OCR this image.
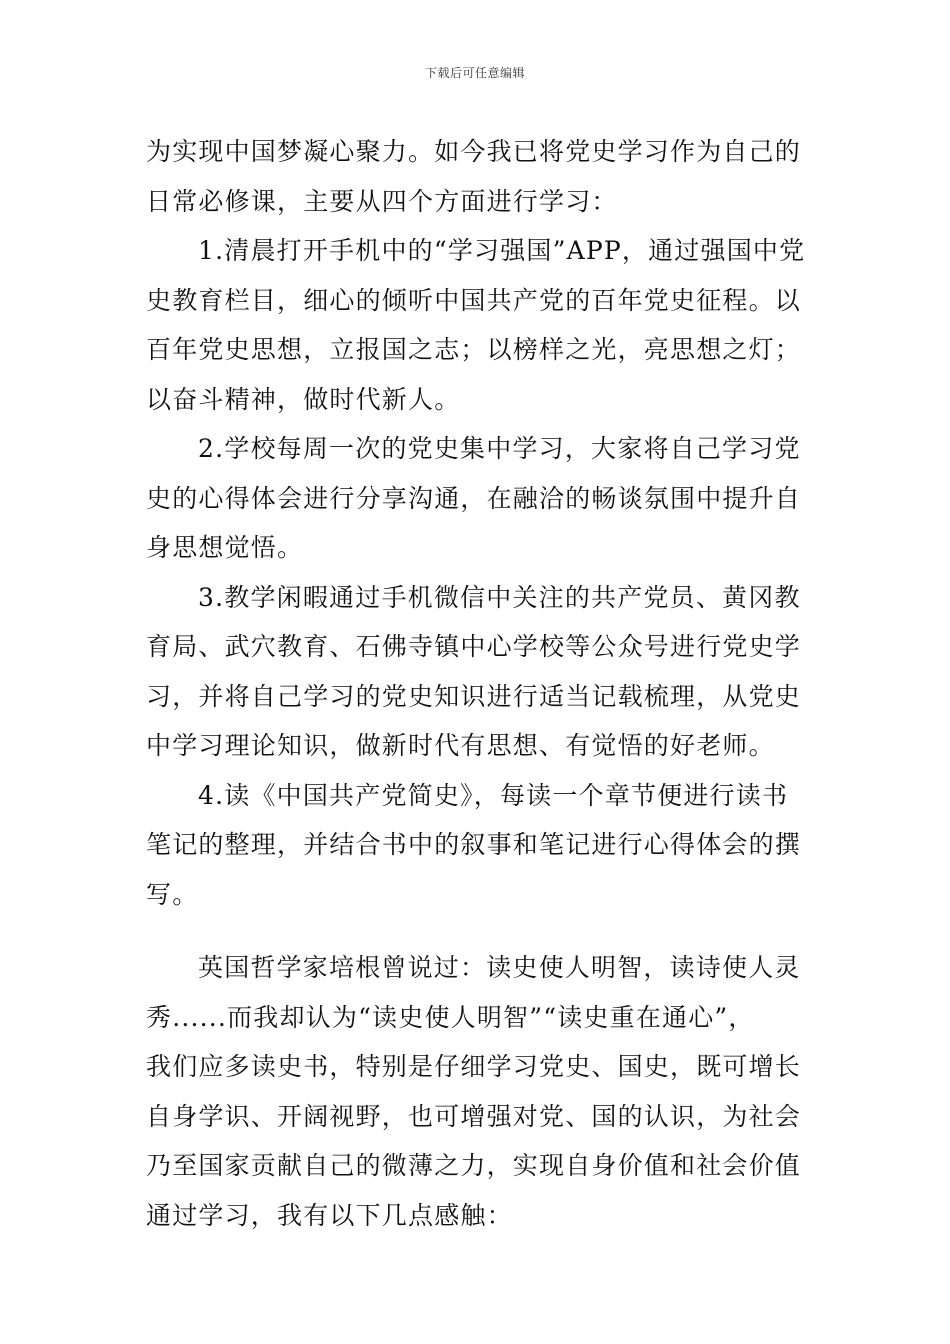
下载后可任意编辑
为实现中国梦凝心聚力。如今我已将党史学习作为自己的
日常必修课，主要从四个方面进行学习：
1.清晨打开手机中的“学习强国”APP，通过强国中党
史教育栏目，细心的倾听中国共产党的百年党史征程。以
百年党史思想，立报国之志；以榜样之光，亮思想之灯；
以奋斗精神，做时代新人。
2.学校每周一次的党史集中学习，大家将自己学习党
史的心得体会进行分享沟通，在融洽的畅谈氛围中提升自
身思想觉悟。
3.教学闲暇通过手机微信中关注的共产党员、黄冈教
育局、武穴教育、石佛寺镇中心学校等公众号进行党史学
习，并将自己学习的党史知识进行适当记载梳理，从党史
中学习理论知识，做新时代有思想、有觉悟的好老师。
4.读《中国共产党简史》，每读一个章节便进行读书
笔记的整理，并结合书中的叙事和笔记进行心得体会的撰
写。
英国哲学家培根曾说过：读史使人明智，读诗使人灵
秀......而我却认为“读史使人明智”“读史重在通心”，
我们应多读史书，特别是仔细学习党史、国史，既可增长
自身学识、开阔视野，也可增强对党、国的认识，为社会
乃至国家贡献自己的微薄之力，实现自身价值和社会价值
通过学习，我有以下几点感触：
